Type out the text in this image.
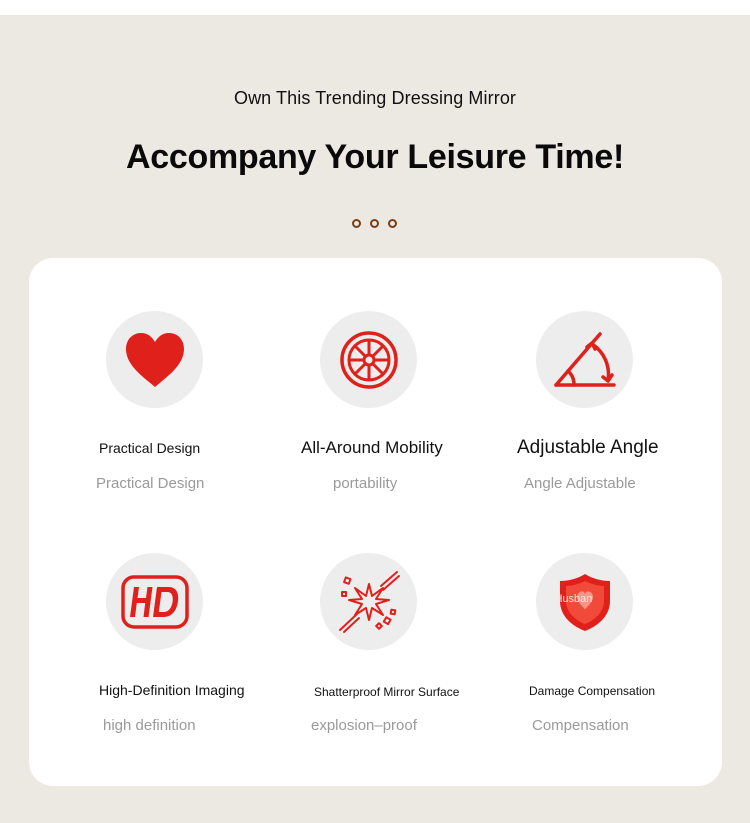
Own This Trending Dressing Mirror
Accompany Your Leisure Time!
Practical Design
Practical Design
All-Around Mobility
portability
Adjustable Angle
Angle Adjustable
High-Definition Imaging
high definition
Shatterproof Mirror Surface
explosion–proof
Husban
Damage Compensation
Compensation
